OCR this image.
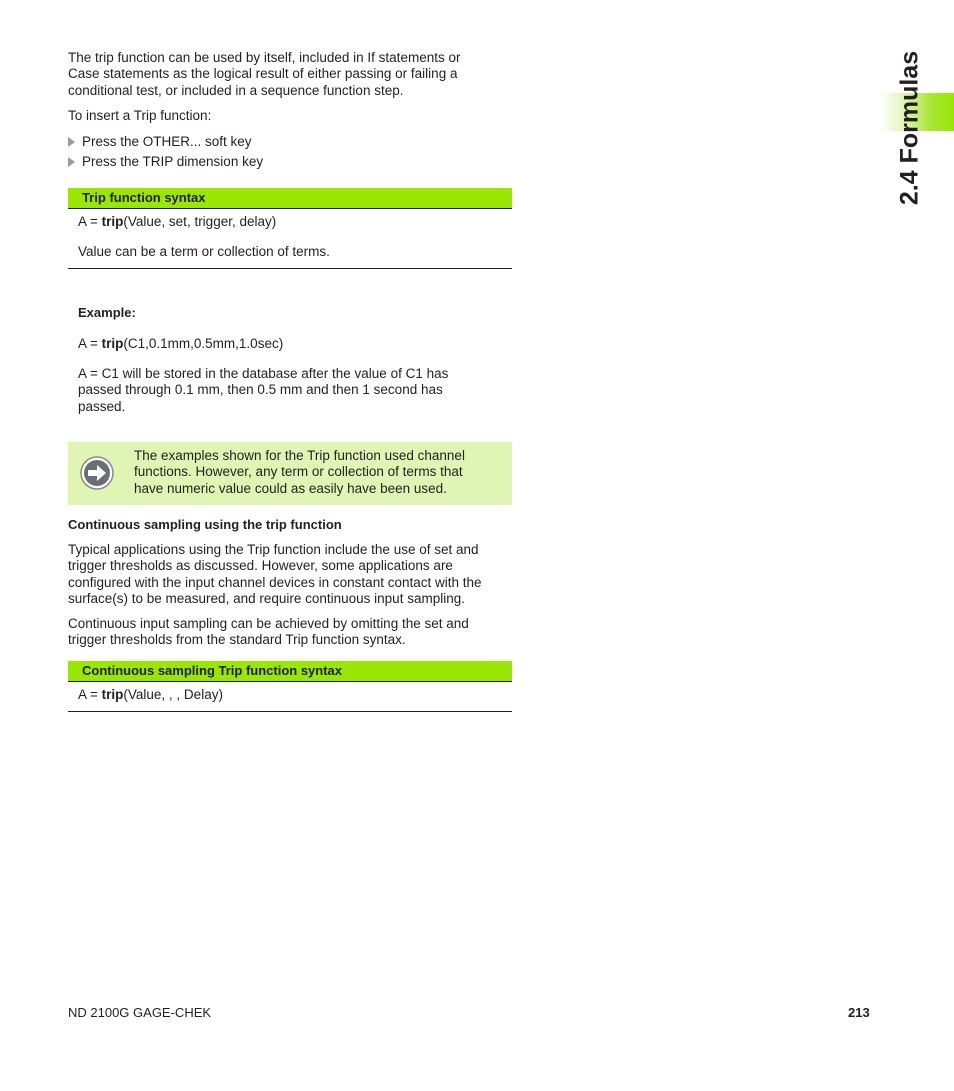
The trip function can be used by itself, included in If statements or
Case statements as the logical result of either passing or failing a
conditional test, or included in a sequence function step.
To insert a Trip function:
Press the OTHER... soft key
Press the TRIP dimension key
Trip function syntax
A = trip(Value, set, trigger, delay)
Value can be a term or collection of terms.
Example:
A = trip(C1,0.1mm,0.5mm,1.0sec)
A = C1 will be stored in the database after the value of C1 has
passed through 0.1 mm, then 0.5 mm and then 1 second has
passed.
The examples shown for the Trip function used channel
functions. However, any term or collection of terms that
have numeric value could as easily have been used.
Continuous sampling using the trip function
Typical applications using the Trip function include the use of set and
trigger thresholds as discussed. However, some applications are
configured with the input channel devices in constant contact with the
surface(s) to be measured, and require continuous input sampling.
Continuous input sampling can be achieved by omitting the set and
trigger thresholds from the standard Trip function syntax.
Continuous sampling Trip function syntax
A = trip(Value, , , Delay)
2.4 Formulas
ND 2100G GAGE-CHEK	213
